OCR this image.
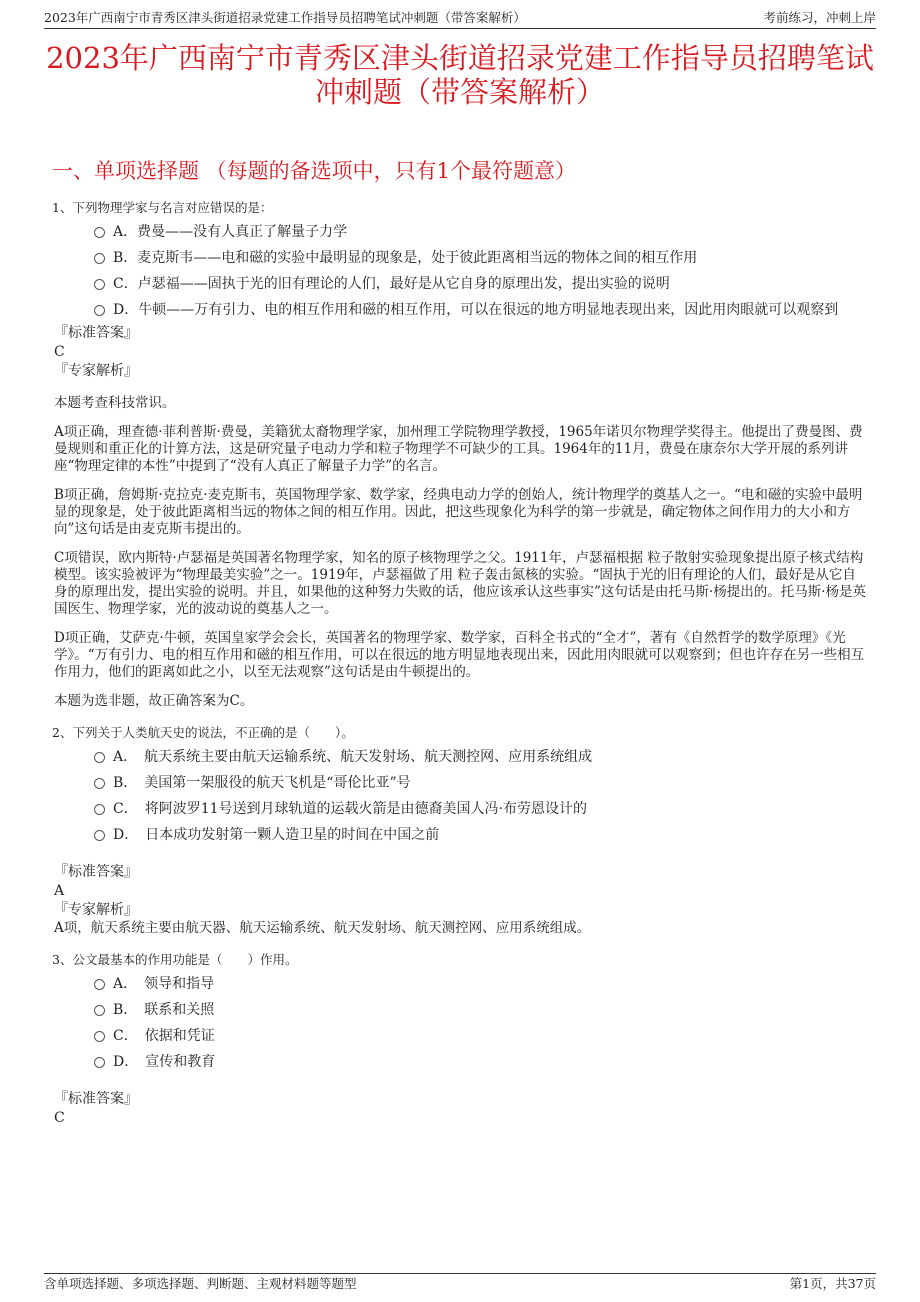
2023年广西南宁市青秀区津头街道招录党建工作指导员招聘笔试冲刺题（带答案解析）	考前练习，冲刺上岸
2023年广西南宁市青秀区津头街道招录党建工作指导员招聘笔试冲刺题（带答案解析）
一、单项选择题 （每题的备选项中，只有1个最符题意）
1、下列物理学家与名言对应错误的是：
A．费曼——没有人真正了解量子力学
B．麦克斯韦——电和磁的实验中最明显的现象是，处于彼此距离相当远的物体之间的相互作用
C．卢瑟福——固执于光的旧有理论的人们，最好是从它自身的原理出发，提出实验的说明
D．牛顿——万有引力、电的相互作用和磁的相互作用，可以在很远的地方明显地表现出来，因此用肉眼就可以观察到
『标准答案』
C
『专家解析』
本题考查科技常识。
A项正确，理查德·菲利普斯·费曼，美籍犹太裔物理学家，加州理工学院物理学教授，1965年诺贝尔物理学奖得主。他提出了费曼图、费曼规则和重正化的计算方法，这是研究量子电动力学和粒子物理学不可缺少的工具。1964年的11月，费曼在康奈尔大学开展的系列讲座“物理定律的本性”中提到了“没有人真正了解量子力学”的名言。
B项正确，詹姆斯·克拉克·麦克斯韦，英国物理学家、数学家，经典电动力学的创始人，统计物理学的奠基人之一。“电和磁的实验中最明显的现象是，处于彼此距离相当远的物体之间的相互作用。因此，把这些现象化为科学的第一步就是，确定物体之间作用力的大小和方向”这句话是由麦克斯韦提出的。
C项错误，欧内斯特·卢瑟福是英国著名物理学家，知名的原子核物理学之父。1911年，卢瑟福根据 粒子散射实验现象提出原子核式结构模型。该实验被评为“物理最美实验”之一。1919年，卢瑟福做了用 粒子轰击氮核的实验。“固执于光的旧有理论的人们，最好是从它自身的原理出发，提出实验的说明。并且，如果他的这种努力失败的话，他应该承认这些事实”这句话是由托马斯·杨提出的。托马斯·杨是英国医生、物理学家，光的波动说的奠基人之一。
D项正确，艾萨克·牛顿，英国皇家学会会长，英国著名的物理学家、数学家，百科全书式的“全才”，著有《自然哲学的数学原理》《光学》。“万有引力、电的相互作用和磁的相互作用，可以在很远的地方明显地表现出来，因此用肉眼就可以观察到；但也许存在另一些相互作用力，他们的距离如此之小，以至无法观察”这句话是由牛顿提出的。
本题为选非题，故正确答案为C。
2、下列关于人类航天史的说法，不正确的是（　　）。
A．　航天系统主要由航天运输系统、航天发射场、航天测控网、应用系统组成
B．　美国第一架服役的航天飞机是“哥伦比亚”号
C．　将阿波罗11号送到月球轨道的运载火箭是由德裔美国人冯·布劳恩设计的
D．　日本成功发射第一颗人造卫星的时间在中国之前
『标准答案』
A
『专家解析』
A项，航天系统主要由航天器、航天运输系统、航天发射场、航天测控网、应用系统组成。
3、公文最基本的作用功能是（　　）作用。
A．　领导和指导
B．　联系和关照
C．　依据和凭证
D．　宣传和教育
『标准答案』
C
含单项选择题、多项选择题、判断题、主观材料题等题型	第1页，共37页
